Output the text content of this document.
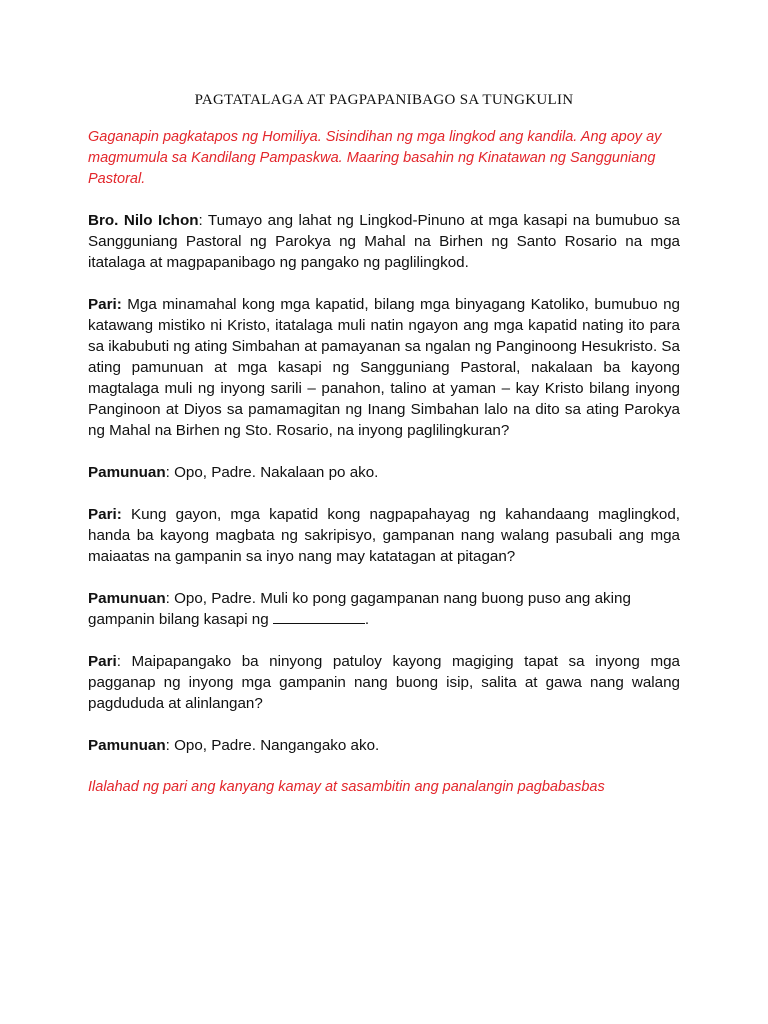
PAGTATALAGA AT PAGPAPANIBAGO SA TUNGKULIN

Gaganapin pagkatapos ng Homiliya. Sisindihan ng mga lingkod ang kandila. Ang apoy ay magmumula sa Kandilang Pampaskwa. Maaring basahin ng Kinatawan ng Sangguniang Pastoral.

Bro. Nilo Ichon: Tumayo ang lahat ng Lingkod-Pinuno at mga kasapi na bumubuo sa Sangguniang Pastoral ng Parokya ng Mahal na Birhen ng Santo Rosario na mga itatalaga at magpapanibago ng pangako ng paglilingkod.

Pari: Mga minamahal kong mga kapatid, bilang mga binyagang Katoliko, bumubuo ng katawang mistiko ni Kristo, itatalaga muli natin ngayon ang mga kapatid nating ito para sa ikabubuti ng ating Simbahan at pamayanan sa ngalan ng Panginoong Hesukristo. Sa ating pamunuan at mga kasapi ng Sangguniang Pastoral, nakalaan ba kayong magtalaga muli ng inyong sarili – panahon, talino at yaman – kay Kristo bilang inyong Panginoon at Diyos sa pamamagitan ng Inang Simbahan lalo na dito sa ating Parokya ng Mahal na Birhen ng Sto. Rosario, na inyong paglilingkuran?

Pamunuan: Opo, Padre. Nakalaan po ako.

Pari: Kung gayon, mga kapatid kong nagpapahayag ng kahandaang maglingkod, handa ba kayong magbata ng sakripisyo, gampanan nang walang pasubali ang mga maiaatas na gampanin sa inyo nang may katatagan at pitagan?

Pamunuan: Opo, Padre. Muli ko pong gagampanan nang buong puso ang aking gampanin bilang kasapi ng	.

Pari: Maipapangako ba ninyong patuloy kayong magiging tapat sa inyong mga pagganap ng inyong mga gampanin nang buong isip, salita at gawa nang walang pagdududa at alinlangan?

Pamunuan: Opo, Padre. Nangangako ako.

Ilalahad ng pari ang kanyang kamay at sasambitin ang panalangin pagbabasbas
